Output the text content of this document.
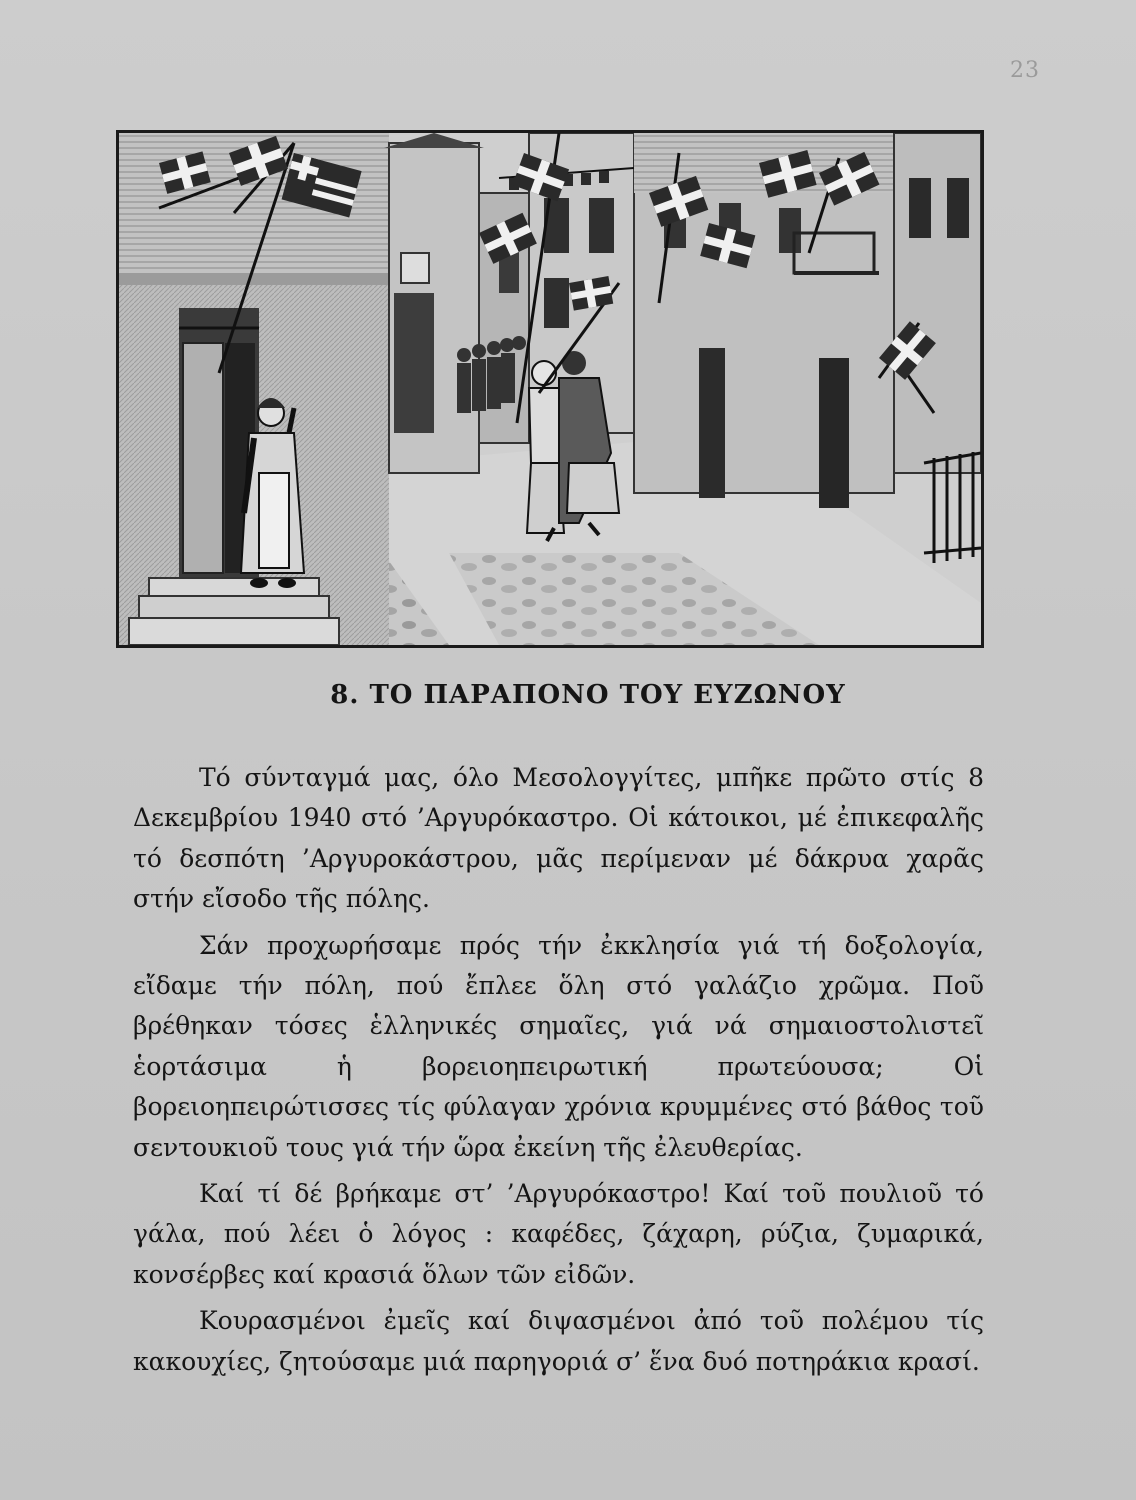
23
8. ΤΟ ΠΑΡΑΠΟΝΟ ΤΟΥ ΕΥΖΩΝΟΥ

Τό σύνταγμά μας, όλο Μεσολογγίτες, μπῆκε πρῶτο στίς 8 Δεκεμβρίου 1940 στό ’Αργυρόκαστρο. Οἱ κάτοικοι, μέ ἐπικεφαλῆς τό δεσπότη ’Αργυροκάστρου, μᾶς περίμεναν μέ δάκρυα χαρᾶς στήν εἴσοδο τῆς πόλης.

Σάν προχωρήσαμε πρός τήν ἐκκλησία γιά τή δοξολογία, εἴδαμε τήν πόλη, πού ἔπλεε ὅλη στό γαλάζιο χρῶμα. Ποῦ βρέθηκαν τόσες ἑλληνικές σημαῖες, γιά νά σημαιοστολιστεῖ ἑορτάσιμα ἡ βορειοηπειρωτική πρωτεύουσα; Οἱ βορειοηπειρώτισσες τίς φύλαγαν χρόνια κρυμμένες στό βάθος τοῦ σεντουκιοῦ τους γιά τήν ὥρα ἐκείνη τῆς ἐλευθερίας.

Καί τί δέ βρήκαμε στ’ ’Αργυρόκαστρο! Καί τοῦ πουλιοῦ τό γάλα, πού λέει ὁ λόγος : καφέδες, ζάχαρη, ρύζια, ζυμαρικά, κονσέρβες καί κρασιά ὅλων τῶν εἰδῶν.

Κουρασμένοι ἐμεῖς καί διψασμένοι ἀπό τοῦ πολέμου τίς κακουχίες, ζητούσαμε μιά παρηγοριά σ’ ἕνα δυό ποτηράκια κρασί.
